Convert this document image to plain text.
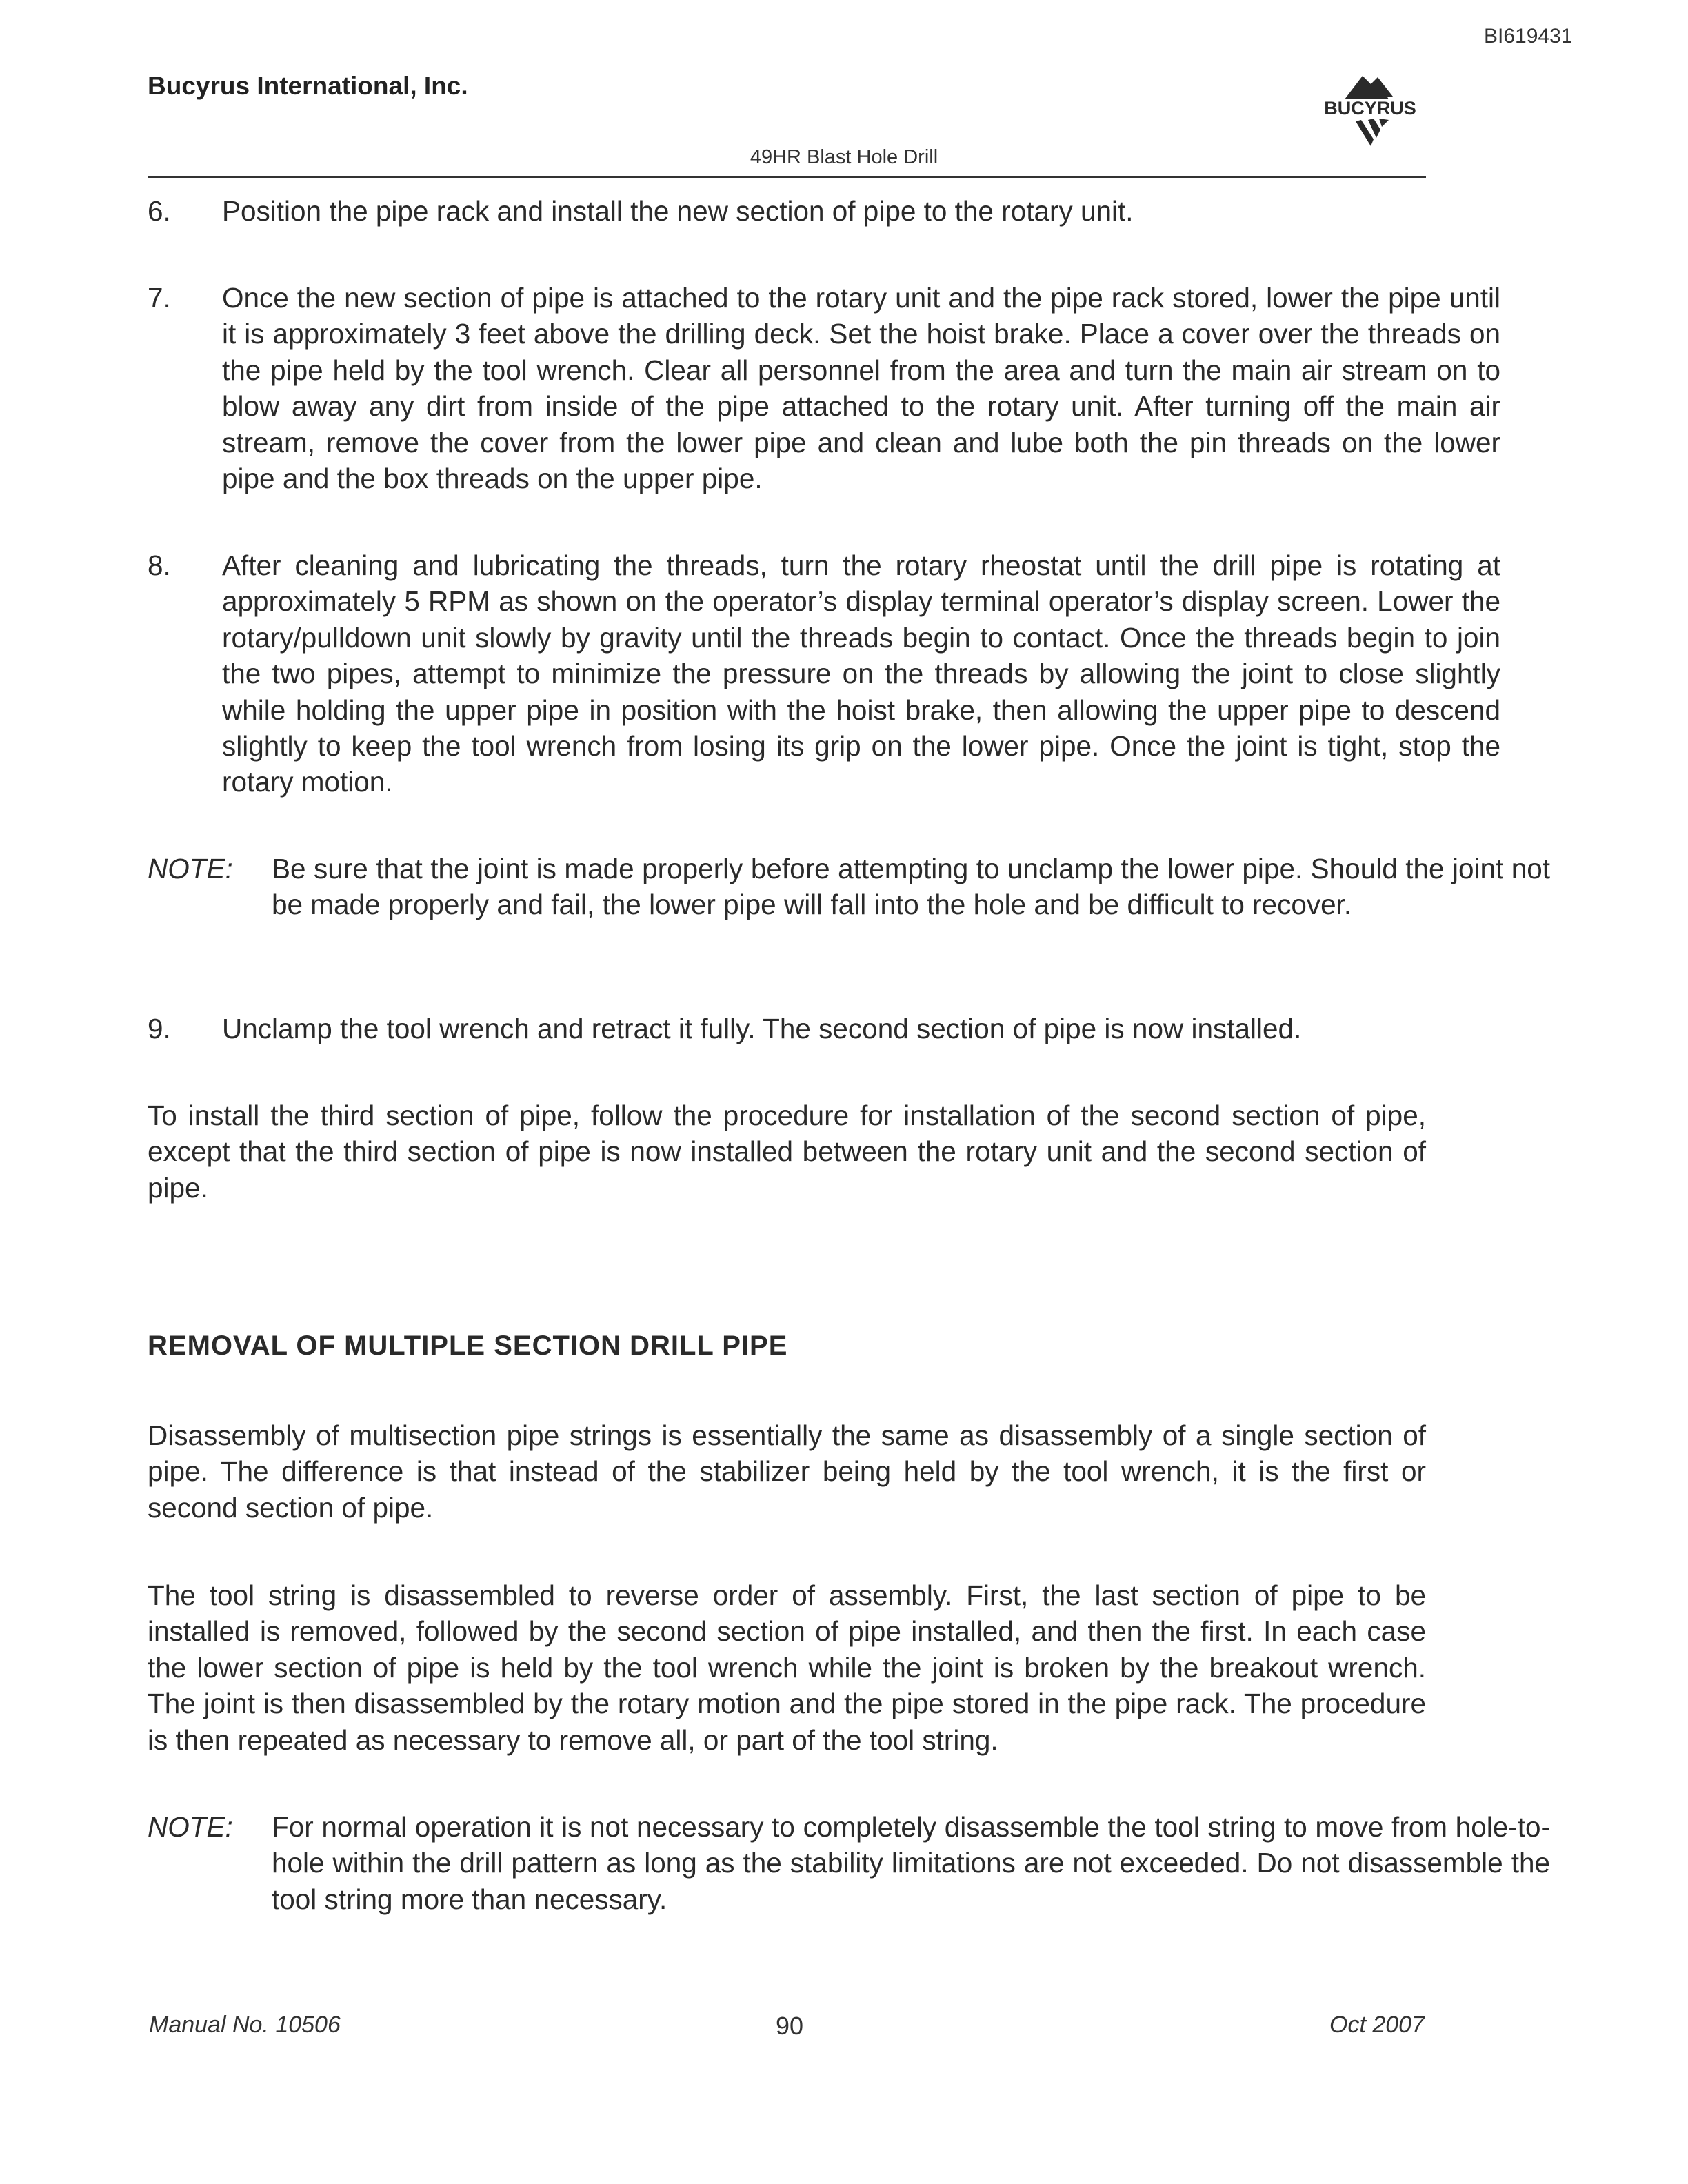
BI619431
Bucyrus International, Inc.
BUCYRUS
49HR Blast Hole Drill
6. Position the pipe rack and install the new section of pipe to the rotary unit.
7. Once the new section of pipe is attached to the rotary unit and the pipe rack stored, lower the pipe until it is approximately 3 feet above the drilling deck. Set the hoist brake. Place a cover over the threads on the pipe held by the tool wrench. Clear all personnel from the area and turn the main air stream on to blow away any dirt from inside of the pipe attached to the rotary unit. After turning off the main air stream, remove the cover from the lower pipe and clean and lube both the pin threads on the lower pipe and the box threads on the upper pipe.
8. After cleaning and lubricating the threads, turn the rotary rheostat until the drill pipe is rotating at approximately 5 RPM as shown on the operator’s display terminal operator’s display screen. Lower the rotary/pulldown unit slowly by gravity until the threads begin to contact. Once the threads begin to join the two pipes, attempt to minimize the pressure on the threads by allowing the joint to close slightly while holding the upper pipe in position with the hoist brake, then allowing the upper pipe to descend slightly to keep the tool wrench from losing its grip on the lower pipe. Once the joint is tight, stop the rotary motion.
NOTE: Be sure that the joint is made properly before attempting to unclamp the lower pipe. Should the joint not be made properly and fail, the lower pipe will fall into the hole and be difficult to recover.
9. Unclamp the tool wrench and retract it fully. The second section of pipe is now installed.
To install the third section of pipe, follow the procedure for installation of the second section of pipe, except that the third section of pipe is now installed between the rotary unit and the second section of pipe.
REMOVAL OF MULTIPLE SECTION DRILL PIPE
Disassembly of multisection pipe strings is essentially the same as disassembly of a single section of pipe. The difference is that instead of the stabilizer being held by the tool wrench, it is the first or second section of pipe.
The tool string is disassembled to reverse order of assembly. First, the last section of pipe to be installed is removed, followed by the second section of pipe installed, and then the first. In each case the lower section of pipe is held by the tool wrench while the joint is broken by the breakout wrench. The joint is then disassembled by the rotary motion and the pipe stored in the pipe rack. The procedure is then repeated as necessary to remove all, or part of the tool string.
NOTE: For normal operation it is not necessary to completely disassemble the tool string to move from hole-to-hole within the drill pattern as long as the stability limitations are not exceeded. Do not disassemble the tool string more than necessary.
Manual No. 10506	90	Oct 2007
